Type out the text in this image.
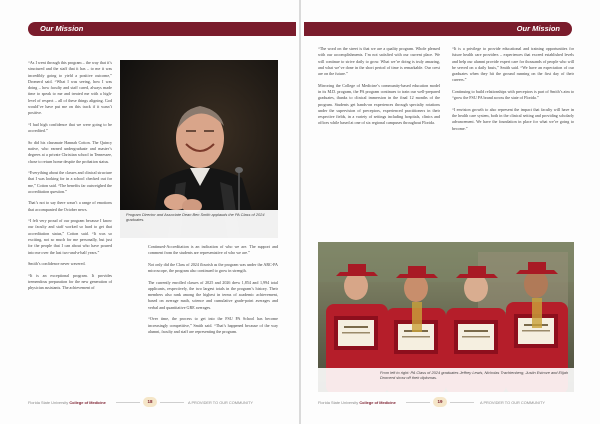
Our Mission	Our Mission

“As I went through this program – the way that it’s structured and the staff that it has – to me it was incredibly going to yield a positive outcome,” Dromerd said. “What I was seeing, how I was doing – how faculty and staff cared, always made time to speak to me and treated me with a high-level of respect – all of these things aligning. God would’ve have put me on this track if it wasn’t positive.

“I had high confidence that we were going to be accredited.”

So did his classmate Hannah Cotton. The Quincy native, who earned undergraduate and master’s degrees at a private Christian school in Tennessee, chose to return home despite the probation status.

“Everything about the classes and clinical structure that I was looking for in a school checked out for me,” Cotton said. “The benefits far outweighed the accreditation question.”

That’s not to say there wasn’t a range of emotions that accompanied the October news.

“I felt very proud of our program because I know our faculty and staff worked so hard to get that accreditation status,” Cotton said. “It was so exciting, not so much for me personally, but just for the people that I can about who have poured into me over the last two-and-a-half years.”

Smith’s confidence never wavered.

“It is an exceptional program. It provides tremendous preparation for the new generation of physician assistants. The achievement of

Program Director and Associate Dean Ben Smith applauds the PA Class of 2024 graduates.

Continued-Accreditation is an indication of who we are. The support and comment from the students are representative of who we are.”

Not only did the Class of 2024 flourish as the program was under the ARC-PA microscope, the program also continued to grow in strength.

The currently enrolled classes of 2025 and 2026 drew 1,854 and 1,994 total applicants, respectively, the two largest totals in the program’s history. Their members also rank among the highest in terms of academic achievement, based on average math, science and cumulative grade-point averages and verbal and quantitative GRE averages.

“Over time, the process to get into the FSU PA School has become increasingly competitive,” Smith said. “That’s happened because of the way alumni, faculty and staff are representing the program.

Florida State University College of Medicine	18	A PROVIDER TO OUR COMMUNITY

“The word on the street is that we are a quality program. Whole pleased with our accomplishments. I’m not satisfied with our current place. We will continue to strive daily to grow. What we’re doing is truly amazing, and what we’ve done in the short period of time is remarkable. Our crest are on the future.”

Mirroring the College of Medicine’s community-based education model in its M.D. program, the PA program continues to train our well-prepared graduates, thanks to clinical immersion in the final 12 months of the program. Students get hands-on experiences through specialty rotations under the supervision of preceptors, experienced practitioners in their respective fields, in a variety of settings including hospitals, clinics and offices while based at one of six regional campuses throughout Florida.

“It is a privilege to provide educational and training opportunities for future health care providers – experiences that exceed established levels and help our alumni provide expert care for thousands of people who will be served on a daily basis,” Smith said. “We have an expectation of our graduates when they hit the ground running on the first day of their careers.”

Continuing to build relationships with preceptors is part of Smith’s aim to “grow the FSU PA brand across the state of Florida.”

“I envision growth to also represent the impact that faculty will have in the health care system, both in the clinical setting and providing scholarly advancement. We have the foundation in place for what we’re going to become.”

From left to right: PA Class of 2024 graduates Jeffrey Lewis, Nicholas Trachtenberg, Justin Estrove and Elijah Dromerd show off their diplomas.
Florida State University College of Medicine	19	A PROVIDER TO OUR COMMUNITY
